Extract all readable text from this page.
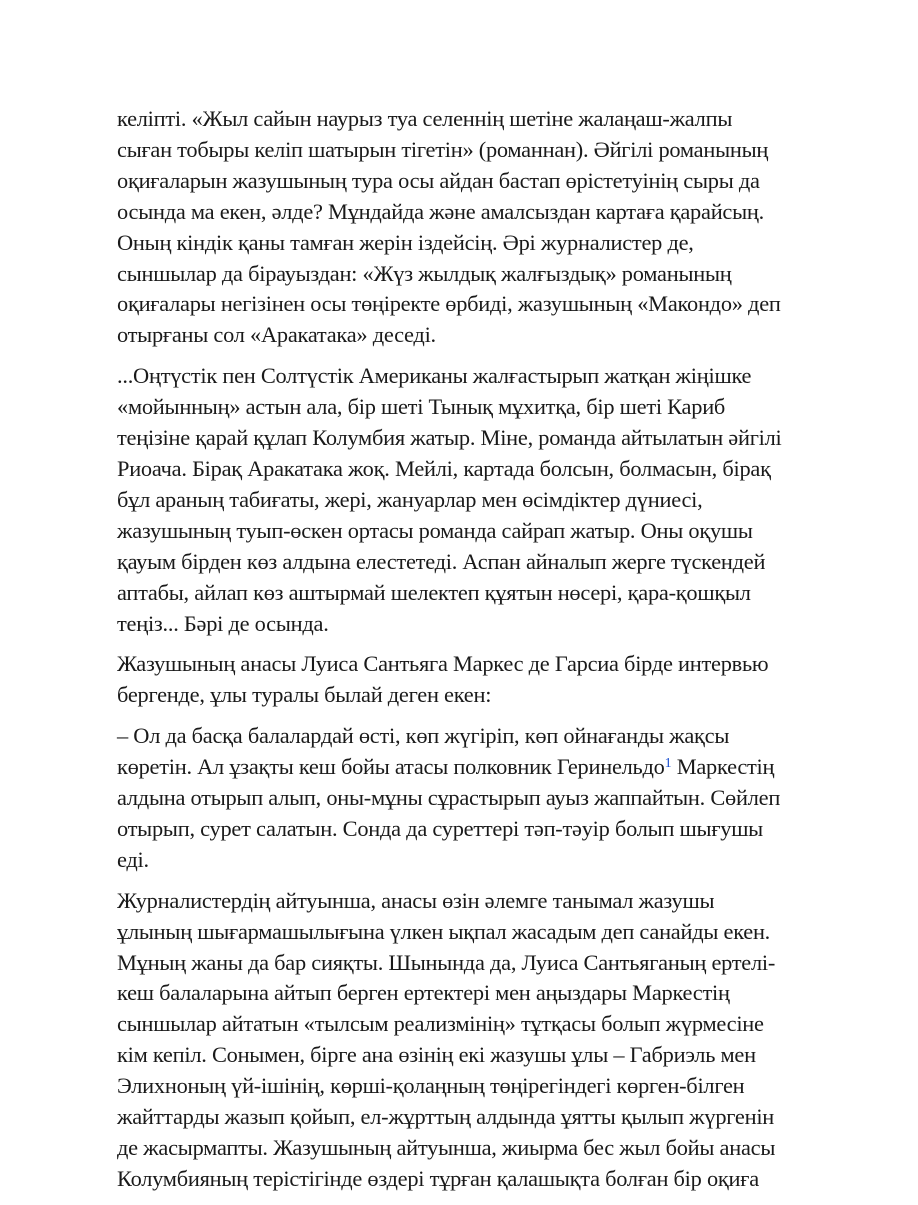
келіпті. «Жыл сайын наурыз туа селеннің шетіне жалаңаш-жалпы
сыған тобыры келіп шатырын тігетін» (романнан). Әйгілі романының
оқиғаларын жазушының тура осы айдан бастап өрістетуінің сыры да
осында ма екен, әлде? Мұндайда және амалсыздан картаға қарайсың.
Оның кіндік қаны тамған жерін іздейсің. Әрі журналистер де,
сыншылар да бірауыздан: «Жүз жылдық жалғыздық» романының
оқиғалары негізінен осы төңіректе өрбиді, жазушының «Макондо» деп
отырғаны сол «Аракатака» деседі.

...Оңтүстік пен Солтүстік Американы жалғастырып жатқан жіңішке
«мойынның» астын ала, бір шеті Тынық мұхитқа, бір шеті Кариб
теңізіне қарай құлап Колумбия жатыр. Міне, романда айтылатын әйгілі
Риоача. Бірақ Аракатака жоқ. Мейлі, картада болсын, болмасын, бірақ
бұл араның табиғаты, жері, жануарлар мен өсімдіктер дүниесі,
жазушының туып-өскен ортасы романда сайрап жатыр. Оны оқушы
қауым бірден көз алдына елестетеді. Аспан айналып жерге түскендей
аптабы, айлап көз аштырмай шелектеп құятын нөсері, қара-қошқыл
теңіз... Бәрі де осында.

Жазушының анасы Луиса Сантьяга Маркес де Гарсиа бірде интервью
бергенде, ұлы туралы былай деген екен:

– Ол да басқа балалардай өсті, көп жүгіріп, көп ойнағанды жақсы
көретін. Ал ұзақты кеш бойы атасы полковник Геринельдо$^1$ Маркестің
алдына отырып алып, оны-мұны сұрастырып ауыз жаппайтын. Сөйлеп
отырып, сурет салатын. Сонда да суреттері тәп-тәуір болып шығушы
еді.

Журналистердің айтуынша, анасы өзін әлемге танымал жазушы
ұлының шығармашылығына үлкен ықпал жасадым деп санайды екен.
Мұның жаны да бар сияқты. Шынында да, Луиса Сантьяганың ертелі-
кеш балаларына айтып берген ертектері мен аңыздары Маркестің
сыншылар айтатын «тылсым реализмінің» тұтқасы болып жүрмесіне
кім кепіл. Сонымен, бірге ана өзінің екі жазушы ұлы – Габриэль мен
Элихноның үй-ішінің, көрші-қолаңның төңірегіндегі көрген-білген
жайттарды жазып қойып, ел-жұрттың алдында ұятты қылып жүргенін
де жасырмапты. Жазушының айтуынша, жиырма бес жыл бойы анасы
Колумбияның терістігінде өздері тұрған қалашықта болған бір оқиға
